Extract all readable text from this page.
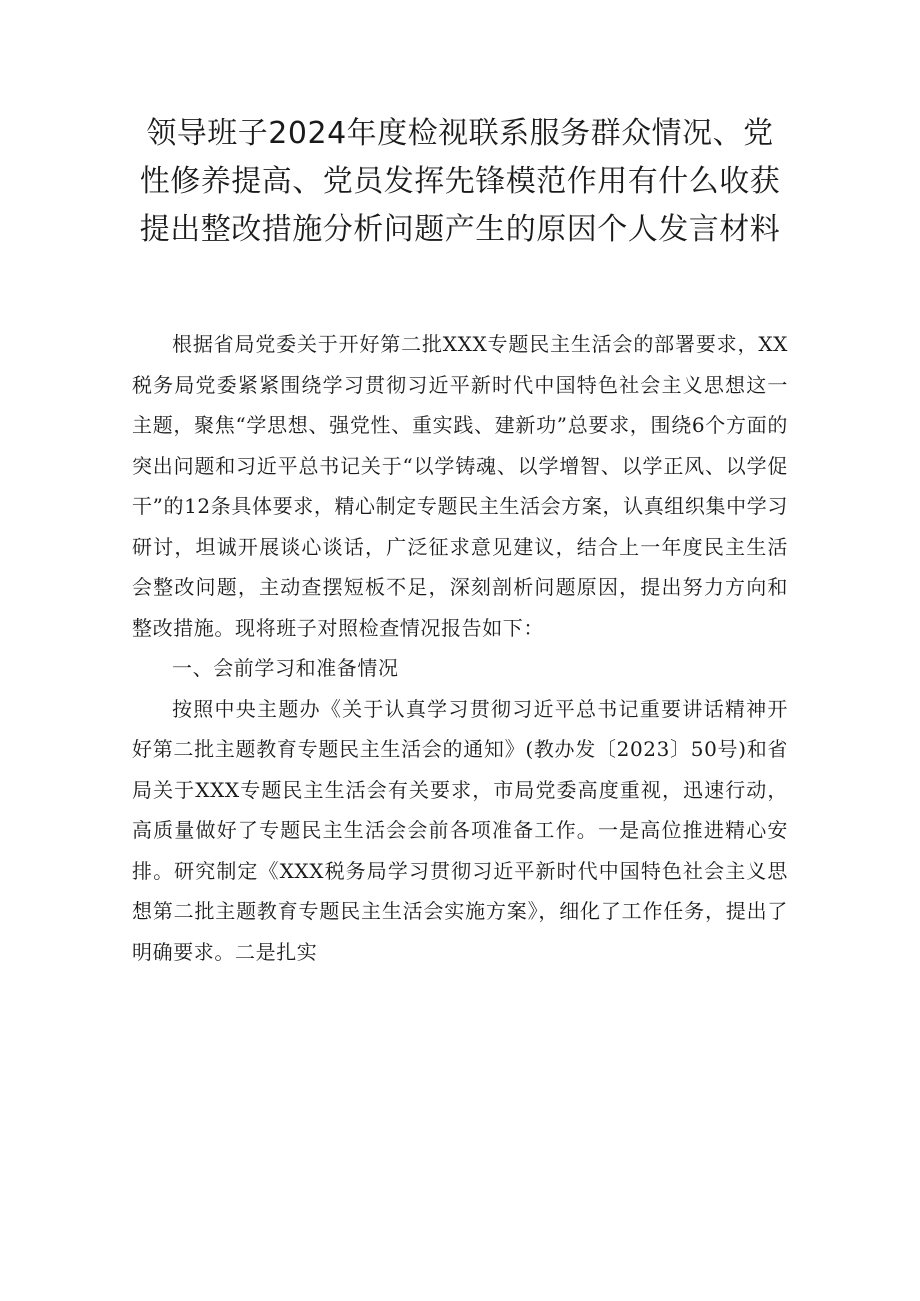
领导班子2024年度检视联系服务群众情况、党性修养提高、党员发挥先锋模范作用有什么收获提出整改措施分析问题产生的原因个人发言材料

根据省局党委关于开好第二批XXX专题民主生活会的部署要求，XX税务局党委紧紧围绕学习贯彻习近平新时代中国特色社会主义思想这一主题，聚焦“学思想、强党性、重实践、建新功”总要求，围绕6个方面的突出问题和习近平总书记关于“以学铸魂、以学增智、以学正风、以学促干”的12条具体要求，精心制定专题民主生活会方案，认真组织集中学习研讨，坦诚开展谈心谈话，广泛征求意见建议，结合上一年度民主生活会整改问题，主动查摆短板不足，深刻剖析问题原因，提出努力方向和整改措施。现将班子对照检查情况报告如下：

一、会前学习和准备情况

按照中央主题办《关于认真学习贯彻习近平总书记重要讲话精神开好第二批主题教育专题民主生活会的通知》(教办发〔2023〕50号)和省局关于XXX专题民主生活会有关要求，市局党委高度重视，迅速行动，高质量做好了专题民主生活会会前各项准备工作。一是高位推进精心安排。研究制定《XXX税务局学习贯彻习近平新时代中国特色社会主义思想第二批主题教育专题民主生活会实施方案》，细化了工作任务，提出了明确要求。二是扎实
